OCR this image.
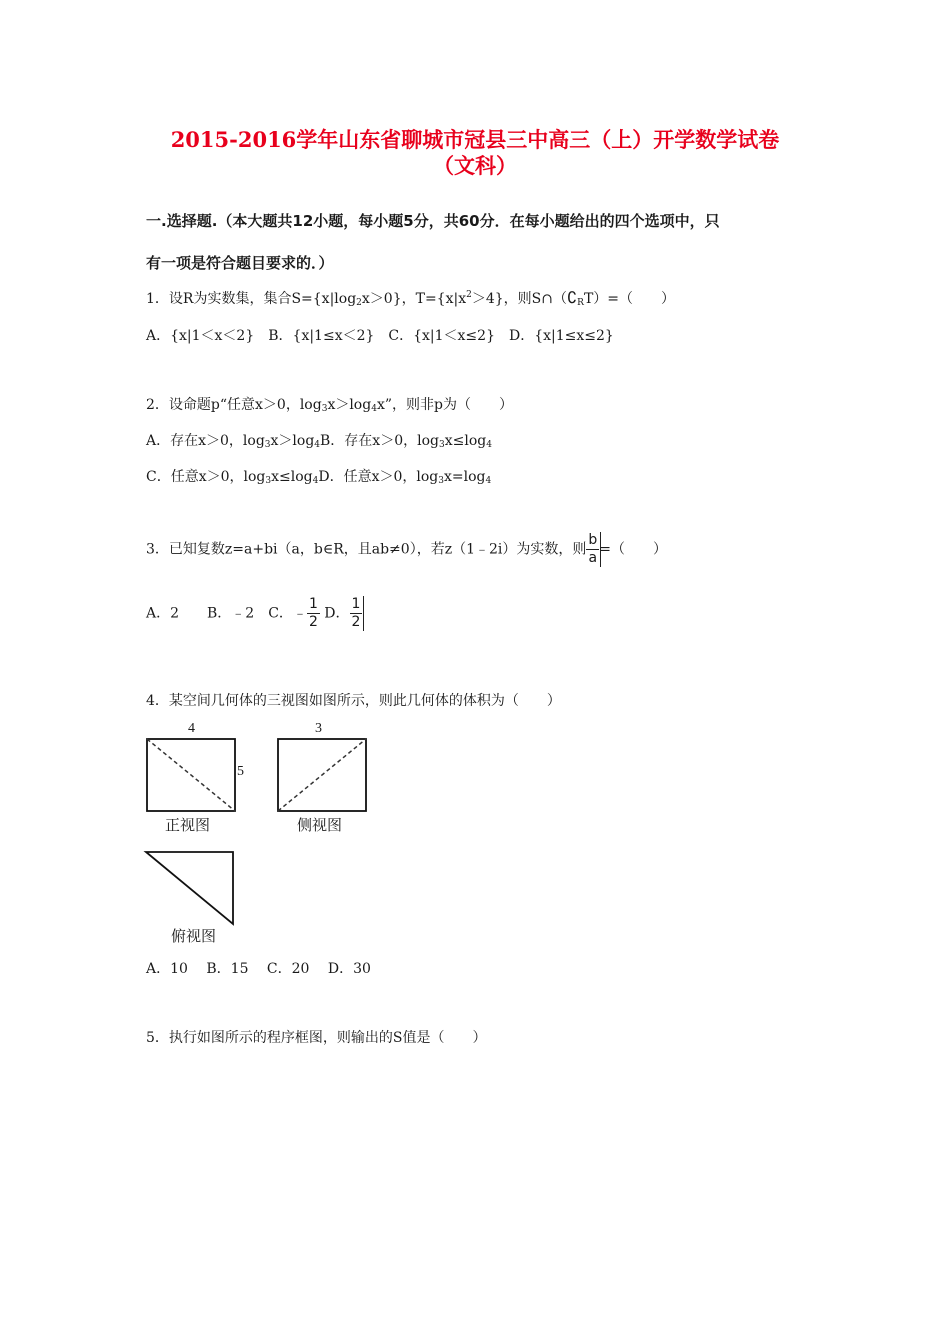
2015-2016学年山东省聊城市冠县三中高三（上）开学数学试卷
（文科）
一.选择题.（本大题共12小题，每小题5分，共60分．在每小题给出的四个选项中，只
有一项是符合题目要求的．）
1．设R为实数集，集合$S=\{x|\log_2x>0\}$，$T=\{x|x^2>4\}$，则$S\cap(∁_RT)=$（　　）
A．{x|1＜x＜2}　B．{x|1≤x＜2}　C．{x|1＜x≤2}　D．{x|1≤x≤2}
2．设命题p“任意x＞0，$\log_3x>\log_4x$”，则非p为（　　）
A．存在x＞0，$\log_3x>\log_4B$．存在x＞0，$\log_3x\le\log_4$
C．任意x＞0，$\log_3x\le\log_4D$．任意x＞0，$\log_3x=\log_4$
3．已知复数z=a+bi（a，b∈R，且ab≠0），若z（1﹣2i）为实数，则 $\frac{b}{a}$ =（　　）
A．2　　B．﹣2　C．﹣ $\frac{1}{2}$ D． $\frac{1}{2}$
4．某空间几何体的三视图如图所示，则此几何体的体积为（　　）
4
5
正视图
3
侧视图
俯视图
A．10　 B．15　 C．20　 D．30
5．执行如图所示的程序框图，则输出的S值是（　　）
